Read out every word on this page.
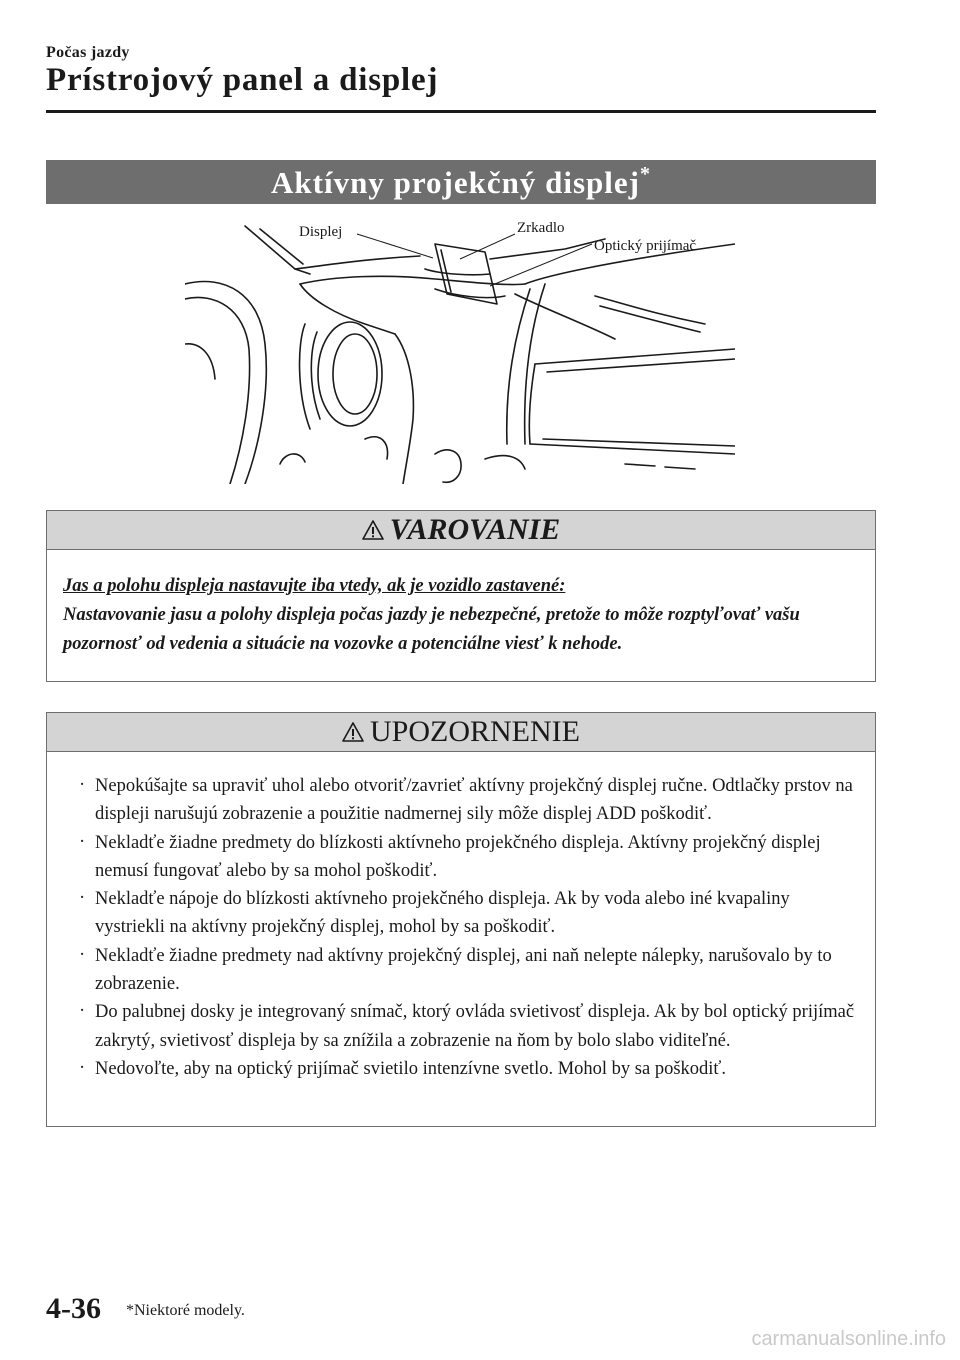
Počas jazdy
Prístrojový panel a displej
Aktívny projekčný displej*
Displej	Zrkadlo
Optický prijímač
VAROVANIE
Jas a polohu displeja nastavujte iba vtedy, ak je vozidlo zastavené:
Nastavovanie jasu a polohy displeja počas jazdy je nebezpečné, pretože to môže rozptyľovať vašu pozornosť od vedenia a situácie na vozovke a potenciálne viesť k nehode.
UPOZORNENIE
· Nepokúšajte sa upraviť uhol alebo otvoriť/zavrieť aktívny projekčný displej ručne. Odtlačky prstov na displeji narušujú zobrazenie a použitie nadmernej sily môže displej ADD poškodiť.
· Nekladťe žiadne predmety do blízkosti aktívneho projekčného displeja. Aktívny projekčný displej nemusí fungovať alebo by sa mohol poškodiť.
· Nekladťe nápoje do blízkosti aktívneho projekčného displeja. Ak by voda alebo iné kvapaliny vystriekli na aktívny projekčný displej, mohol by sa poškodiť.
· Nekladťe žiadne predmety nad aktívny projekčný displej, ani naň nelepte nálepky, narušovalo by to zobrazenie.
· Do palubnej dosky je integrovaný snímač, ktorý ovláda svietivosť displeja. Ak by bol optický prijímač zakrytý, svietivosť displeja by sa znížila a zobrazenie na ňom by bolo slabo viditeľné.
· Nedovoľte, aby na optický prijímač svietilo intenzívne svetlo. Mohol by sa poškodiť.
4-36 *Niektoré modely.
carmanualsonline.info
